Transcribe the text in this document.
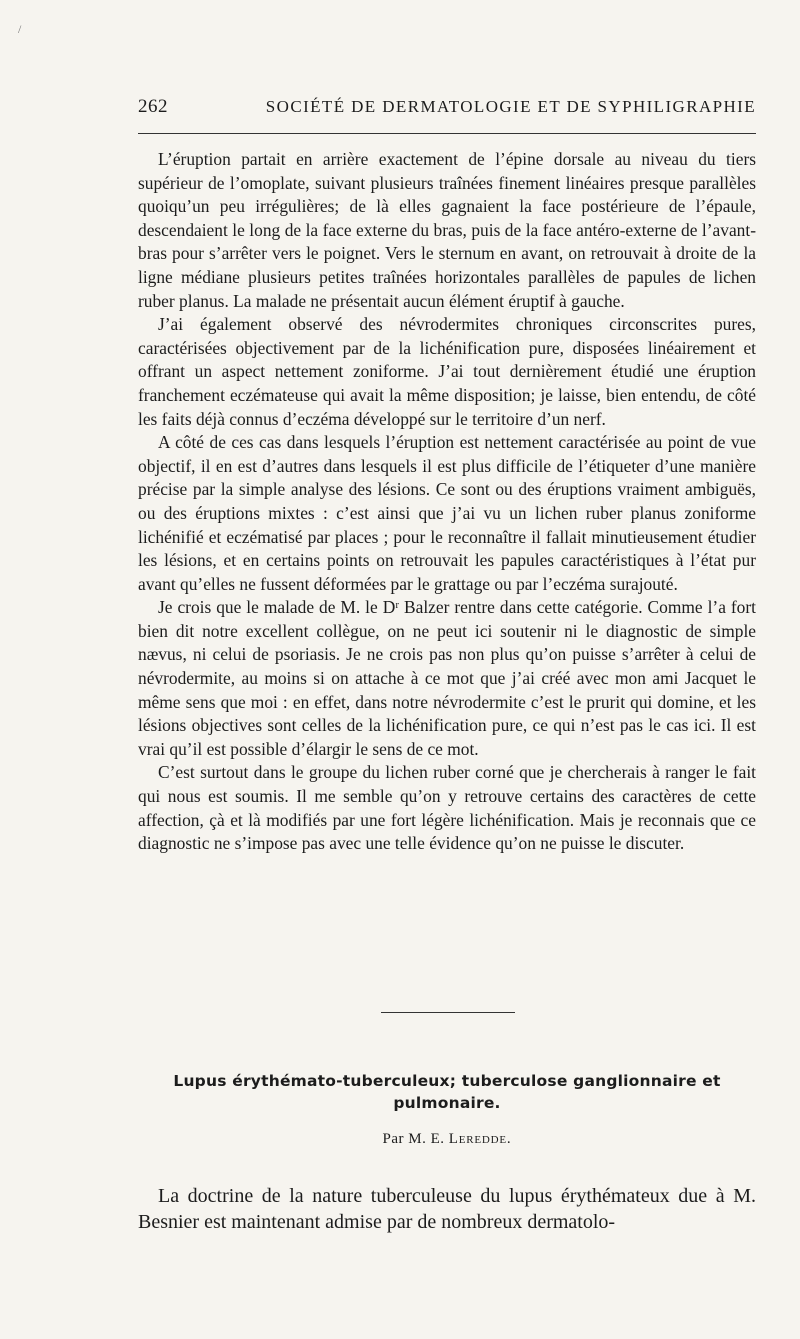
/
262	SOCIÉTÉ DE DERMATOLOGIE ET DE SYPHILIGRAPHIE

L’éruption partait en arrière exactement de l’épine dorsale au niveau du tiers supérieur de l’omoplate, suivant plusieurs traînées finement linéaires presque parallèles quoiqu’un peu irrégulières; de là elles gagnaient la face postérieure de l’épaule, descendaient le long de la face externe du bras, puis de la face antéro-externe de l’avant-bras pour s’arrêter vers le poignet. Vers le sternum en avant, on retrouvait à droite de la ligne médiane plusieurs petites traînées horizontales parallèles de papules de lichen ruber planus. La malade ne présentait aucun élément éruptif à gauche.

J’ai également observé des névrodermites chroniques circonscrites pures, caractérisées objectivement par de la lichénification pure, disposées linéairement et offrant un aspect nettement zoniforme. J’ai tout dernièrement étudié une éruption franchement eczémateuse qui avait la même disposition; je laisse, bien entendu, de côté les faits déjà connus d’eczéma développé sur le territoire d’un nerf.

A côté de ces cas dans lesquels l’éruption est nettement caractérisée au point de vue objectif, il en est d’autres dans lesquels il est plus difficile de l’étiqueter d’une manière précise par la simple analyse des lésions. Ce sont ou des éruptions vraiment ambiguës, ou des éruptions mixtes : c’est ainsi que j’ai vu un lichen ruber planus zoniforme lichénifié et eczématisé par places ; pour le reconnaître il fallait minutieusement étudier les lésions, et en certains points on retrouvait les papules caractéristiques à l’état pur avant qu’elles ne fussent déformées par le grattage ou par l’eczéma surajouté.

Je crois que le malade de M. le Dʳ Balzer rentre dans cette catégorie. Comme l’a fort bien dit notre excellent collègue, on ne peut ici soutenir ni le diagnostic de simple nævus, ni celui de psoriasis. Je ne crois pas non plus qu’on puisse s’arrêter à celui de névrodermite, au moins si on attache à ce mot que j’ai créé avec mon ami Jacquet le même sens que moi : en effet, dans notre névrodermite c’est le prurit qui domine, et les lésions objectives sont celles de la lichénification pure, ce qui n’est pas le cas ici. Il est vrai qu’il est possible d’élargir le sens de ce mot.

C’est surtout dans le groupe du lichen ruber corné que je chercherais à ranger le fait qui nous est soumis. Il me semble qu’on y retrouve certains des caractères de cette affection, çà et là modifiés par une fort légère lichénification. Mais je reconnais que ce diagnostic ne s’impose pas avec une telle évidence qu’on ne puisse le discuter.

Lupus érythémato-tuberculeux; tuberculose ganglionnaire et pulmonaire.
Par M. E. Leredde.

La doctrine de la nature tuberculeuse du lupus érythémateux due à M. Besnier est maintenant admise par de nombreux dermatolo-
